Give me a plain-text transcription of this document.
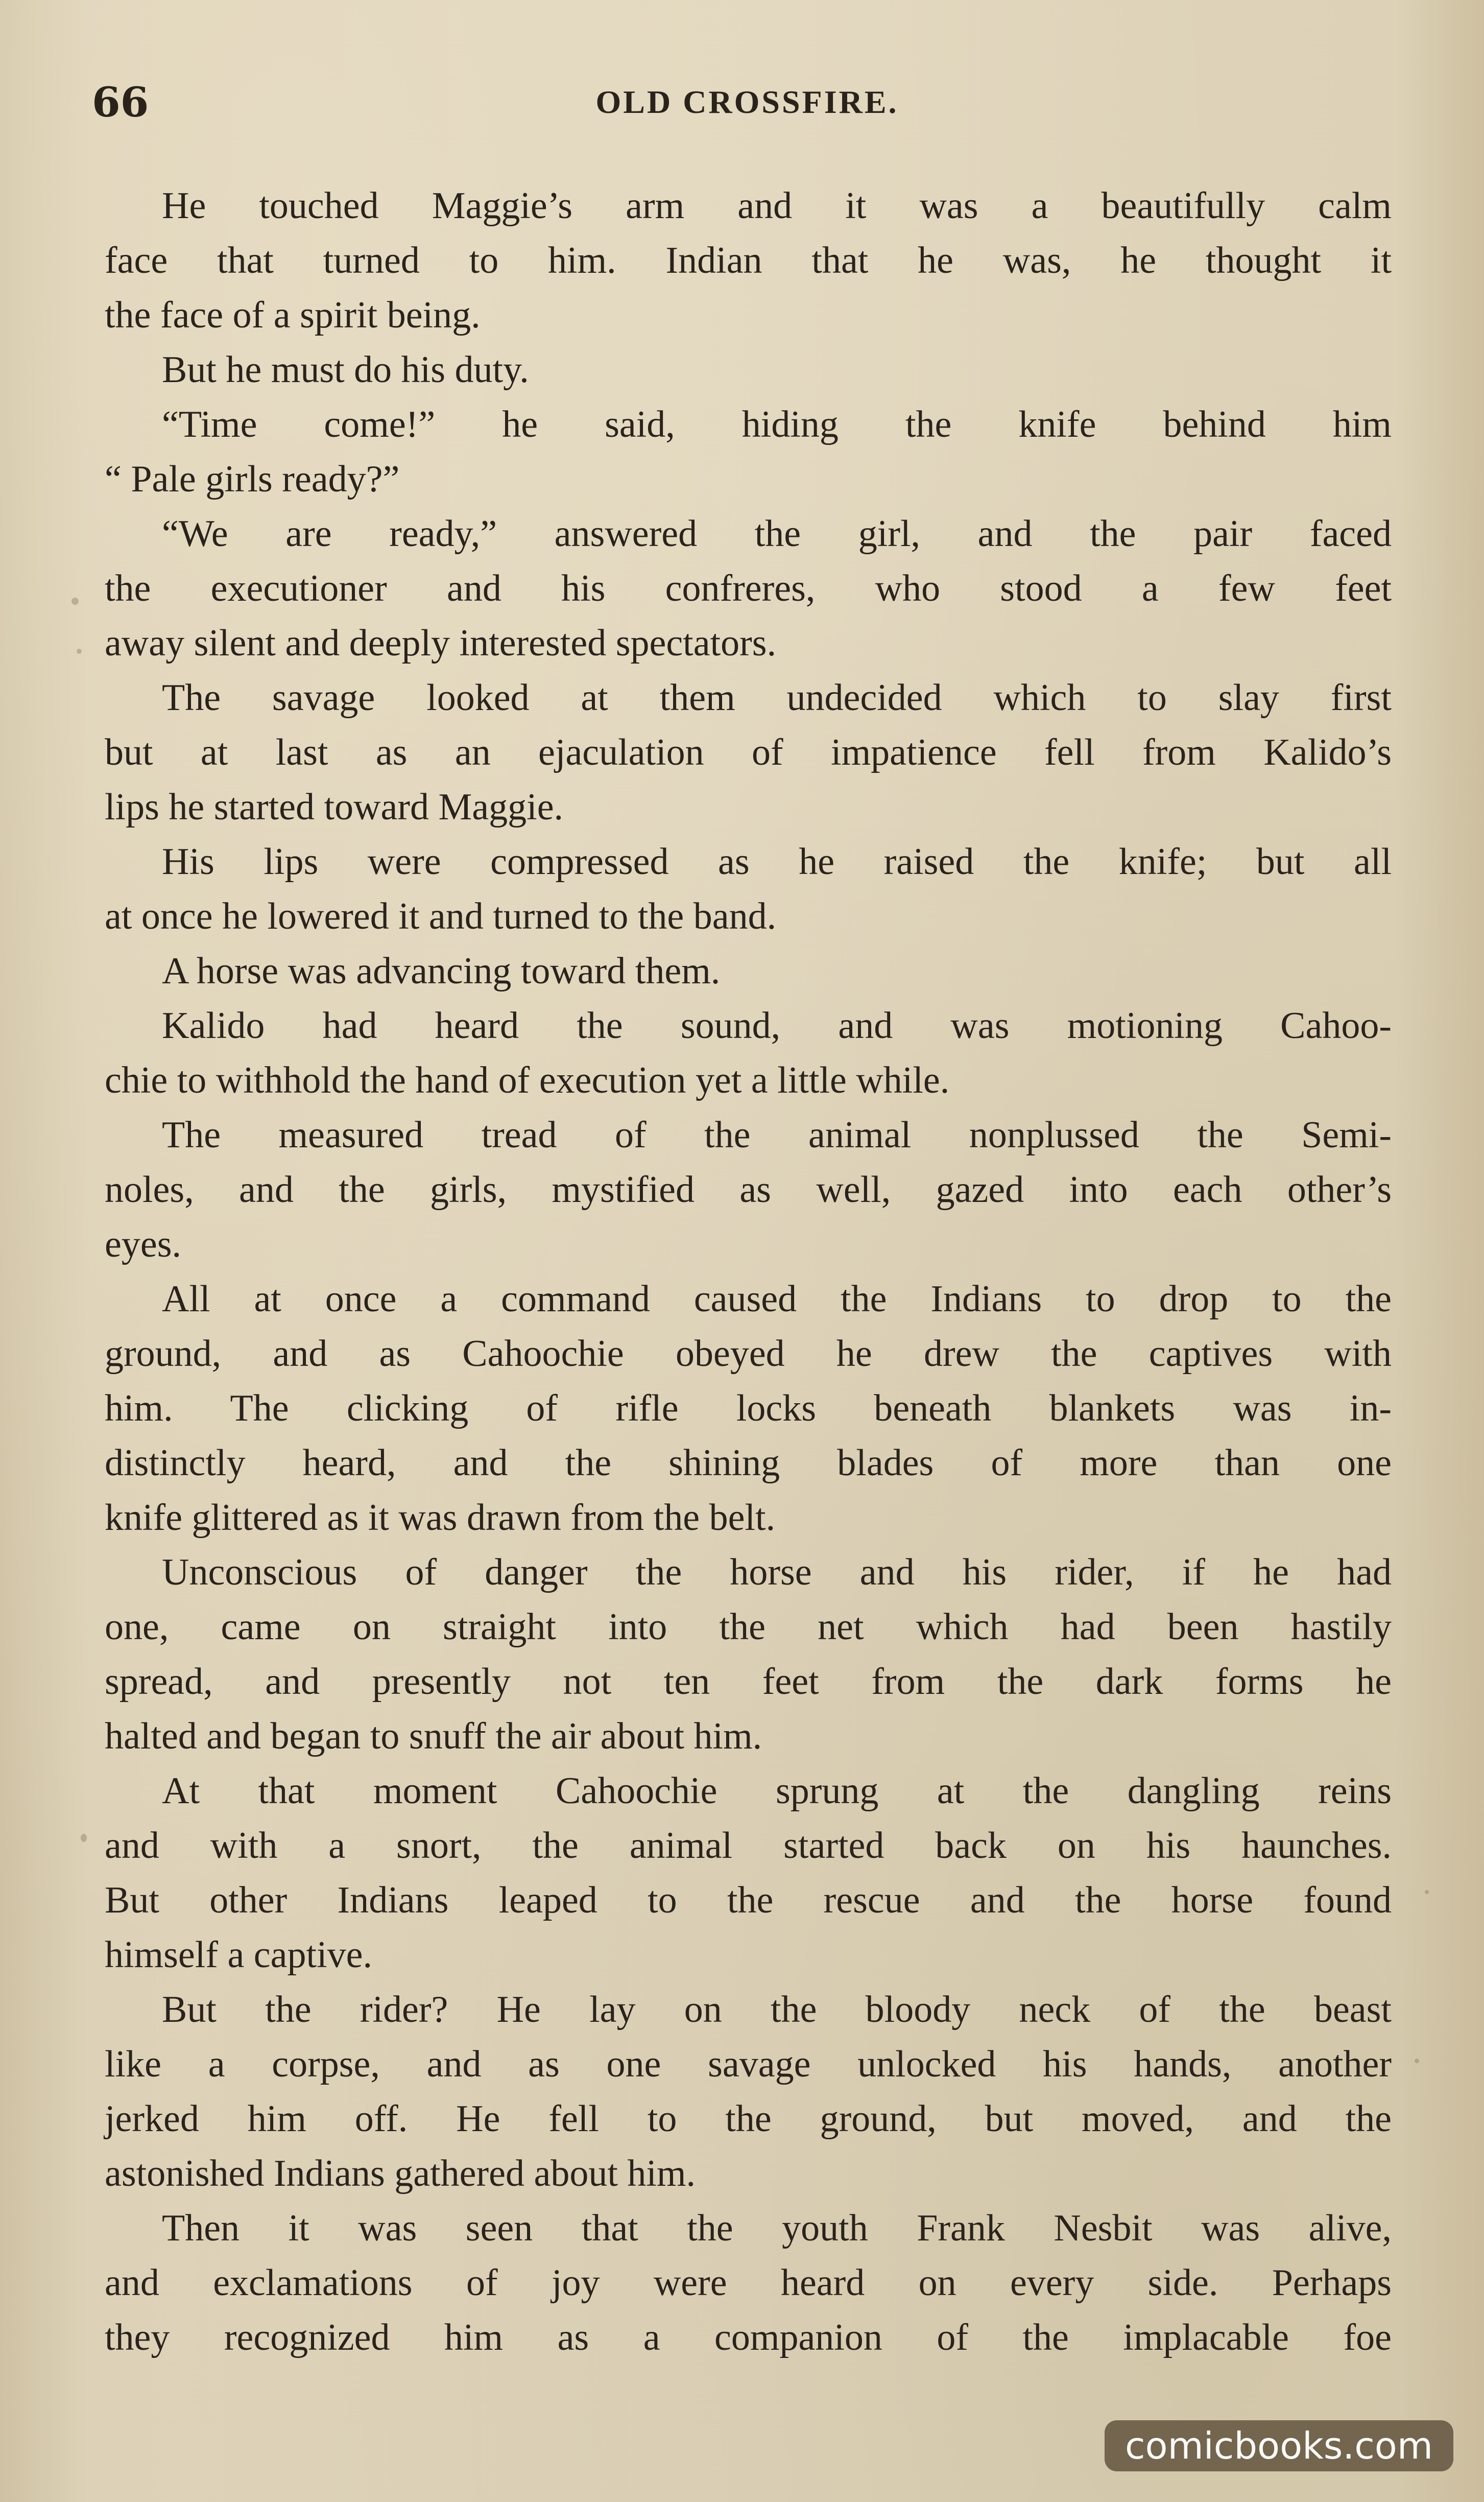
66	OLD CROSSFIRE.
He touched Maggie’s arm and it was a beautifully calm
face that turned to him. Indian that he was, he thought it
the face of a spirit being.
But he must do his duty.
“Time come!” he said, hiding the knife behind him
“ Pale girls ready?”
“We are ready,” answered the girl, and the pair faced
the executioner and his confreres, who stood a few feet
away silent and deeply interested spectators.
The savage looked at them undecided which to slay first
but at last as an ejaculation of impatience fell from Kalido’s
lips he started toward Maggie.
His lips were compressed as he raised the knife; but all
at once he lowered it and turned to the band.
A horse was advancing toward them.
Kalido had heard the sound, and was motioning Cahoo-
chie to withhold the hand of execution yet a little while.
The measured tread of the animal nonplussed the Semi-
noles, and the girls, mystified as well, gazed into each other’s
eyes.
All at once a command caused the Indians to drop to the
ground, and as Cahoochie obeyed he drew the captives with
him. The clicking of rifle locks beneath blankets was in-
distinctly heard, and the shining blades of more than one
knife glittered as it was drawn from the belt.
Unconscious of danger the horse and his rider, if he had
one, came on straight into the net which had been hastily
spread, and presently not ten feet from the dark forms he
halted and began to snuff the air about him.
At that moment Cahoochie sprung at the dangling reins
and with a snort, the animal started back on his haunches.
But other Indians leaped to the rescue and the horse found
himself a captive.
But the rider? He lay on the bloody neck of the beast
like a corpse, and as one savage unlocked his hands, another
jerked him off. He fell to the ground, but moved, and the
astonished Indians gathered about him.
Then it was seen that the youth Frank Nesbit was alive,
and exclamations of joy were heard on every side. Perhaps
they recognized him as a companion of the implacable foe
comicbooks.com
